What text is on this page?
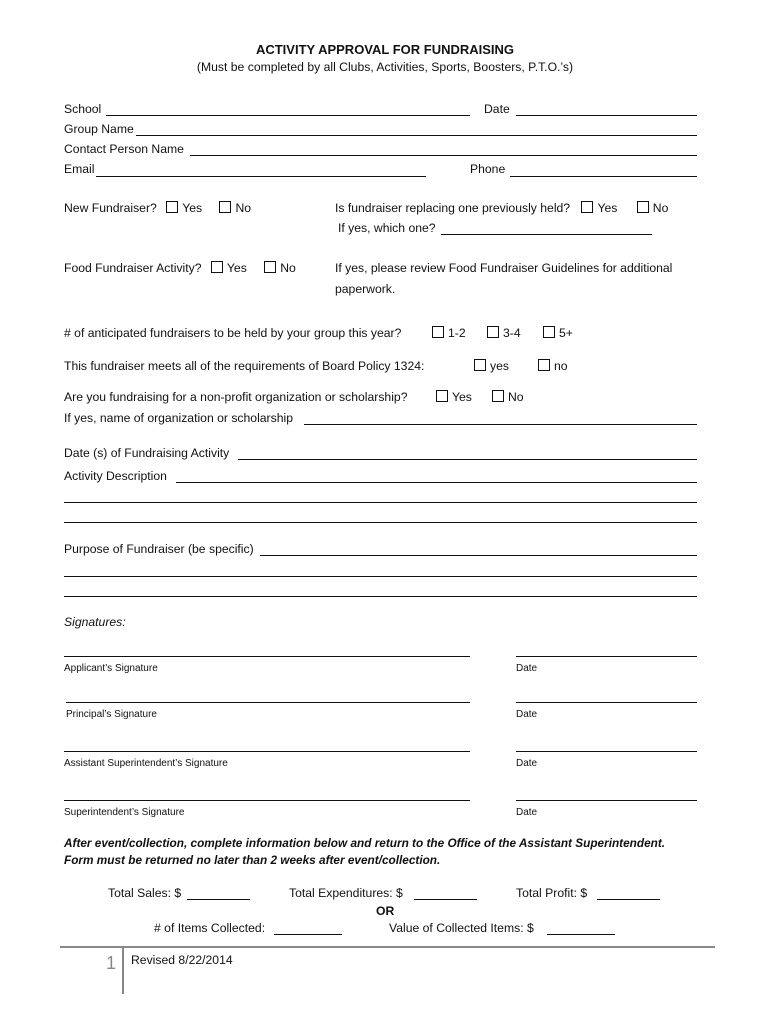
ACTIVITY APPROVAL FOR FUNDRAISING
(Must be completed by all Clubs, Activities, Sports, Boosters, P.T.O.’s)
School	Date
Group Name
Contact Person Name
Email	Phone
New Fundraiser? Yes	No	Is fundraiser replacing one previously held? Yes	No
If yes, which one?
Food Fundraiser Activity? Yes	No	If yes, please review Food Fundraiser Guidelines for additional
paperwork.
# of anticipated fundraisers to be held by your group this year?	1-2	3-4	5+
This fundraiser meets all of the requirements of Board Policy 1324:	yes	no
Are you fundraising for a non-profit organization or scholarship?	Yes	No
If yes, name of organization or scholarship
Date (s) of Fundraising Activity
Activity Description
Purpose of Fundraiser (be specific)
Signatures:
Applicant’s Signature	Date
Principal’s Signature	Date
Assistant Superintendent’s Signature	Date
Superintendent’s Signature	Date
After event/collection, complete information below and return to the Office of the Assistant Superintendent.
Form must be returned no later than 2 weeks after event/collection.
Total Sales: $	Total Expenditures: $	Total Profit: $
OR
# of Items Collected:	Value of Collected Items: $
1 Revised 8/22/2014
